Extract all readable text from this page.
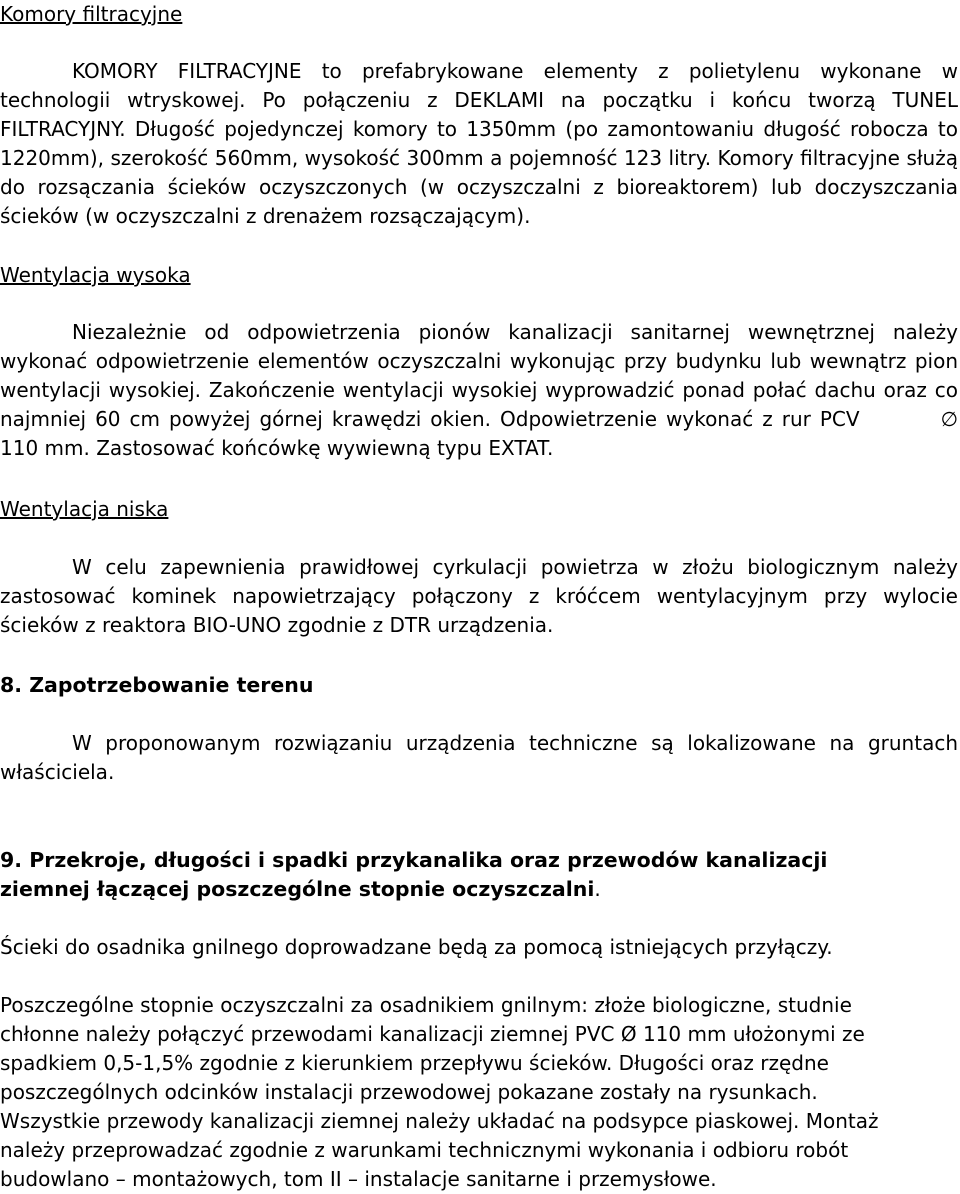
Komory filtracyjne
KOMORY FILTRACYJNE to prefabrykowane elementy z polietylenu wykonane w technologii wtryskowej. Po połączeniu z DEKLAMI na początku i końcu tworzą TUNEL FILTRACYJNY. Długość pojedynczej komory to 1350mm (po zamontowaniu długość robocza to 1220mm), szerokość 560mm, wysokość 300mm a pojemność 123 litry. Komory filtracyjne służą do rozsączania ścieków oczyszczonych (w oczyszczalni z bioreaktorem) lub doczyszczania ścieków (w oczyszczalni z drenażem rozsączającym).
Wentylacja wysoka
Niezależnie od odpowietrzenia pionów kanalizacji sanitarnej wewnętrznej należy wykonać odpowietrzenie elementów oczyszczalni wykonując przy budynku lub wewnątrz pion wentylacji wysokiej. Zakończenie wentylacji wysokiej wyprowadzić ponad połać dachu oraz co najmniej 60 cm powyżej górnej krawędzi okien. Odpowietrzenie wykonać z rur PCV	∅110 mm. Zastosować końcówkę wywiewną typu EXTAT.
Wentylacja niska
W celu zapewnienia prawidłowej cyrkulacji powietrza w złożu biologicznym należy zastosować kominek napowietrzający połączony z króćcem wentylacyjnym przy wylocie ścieków z reaktora BIO-UNO zgodnie z DTR urządzenia.
8. Zapotrzebowanie terenu
W proponowanym rozwiązaniu urządzenia techniczne są lokalizowane na gruntach właściciela.
9. Przekroje, długości i spadki przykanalika oraz przewodów kanalizacji ziemnej łączącej poszczególne stopnie oczyszczalni.
Ścieki do osadnika gnilnego doprowadzane będą za pomocą istniejących przyłączy.
Poszczególne stopnie oczyszczalni za osadnikiem gnilnym: złoże biologiczne, studnie chłonne należy połączyć przewodami kanalizacji ziemnej PVC Ø 110 mm ułożonymi ze spadkiem 0,5-1,5% zgodnie z kierunkiem przepływu ścieków. Długości oraz rzędne poszczególnych odcinków instalacji przewodowej pokazane zostały na rysunkach. Wszystkie przewody kanalizacji ziemnej należy układać na podsypce piaskowej. Montaż należy przeprowadzać zgodnie z warunkami technicznymi wykonania i odbioru robót budowlano – montażowych, tom II – instalacje sanitarne i przemysłowe.
